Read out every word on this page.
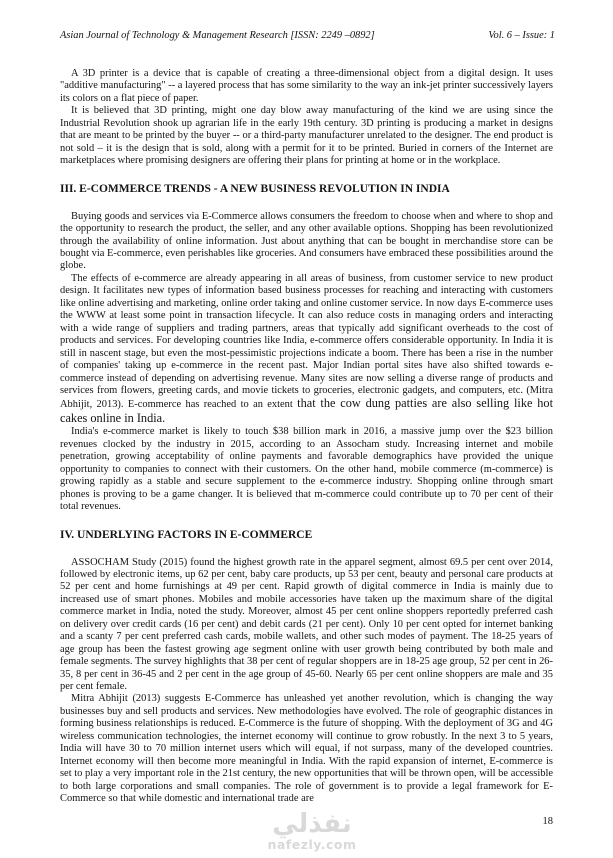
Asian Journal of Technology & Management Research [ISSN: 2249 –0892]	Vol. 6 – Issue: 1

A 3D printer is a device that is capable of creating a three-dimensional object from a digital design. It uses "additive manufacturing" -- a layered process that has some similarity to the way an ink-jet printer successively layers its colors on a flat piece of paper.

It is believed that 3D printing, might one day blow away manufacturing of the kind we are using since the Industrial Revolution shook up agrarian life in the early 19th century. 3D printing is producing a market in designs that are meant to be printed by the buyer -- or a third-party manufacturer unrelated to the designer. The end product is not sold – it is the design that is sold, along with a permit for it to be printed. Buried in corners of the Internet are marketplaces where promising designers are offering their plans for printing at home or in the workplace.

III. E-COMMERCE TRENDS - A NEW BUSINESS REVOLUTION IN INDIA

Buying goods and services via E-Commerce allows consumers the freedom to choose when and where to shop and the opportunity to research the product, the seller, and any other available options. Shopping has been revolutionized through the availability of online information. Just about anything that can be bought in merchandise store can be bought via E-commerce, even perishables like groceries. And consumers have embraced these possibilities around the globe.

The effects of e-commerce are already appearing in all areas of business, from customer service to new product design. It facilitates new types of information based business processes for reaching and interacting with customers like online advertising and marketing, online order taking and online customer service. In now days E-commerce uses the WWW at least some point in transaction lifecycle. It can also reduce costs in managing orders and interacting with a wide range of suppliers and trading partners, areas that typically add significant overheads to the cost of products and services. For developing countries like India, e-commerce offers considerable opportunity. In India it is still in nascent stage, but even the most-pessimistic projections indicate a boom. There has been a rise in the number of companies' taking up e-commerce in the recent past. Major Indian portal sites have also shifted towards e-commerce instead of depending on advertising revenue. Many sites are now selling a diverse range of products and services from flowers, greeting cards, and movie tickets to groceries, electronic gadgets, and computers, etc. (Mitra Abhijit, 2013). E-commerce has reached to an extent that the cow dung patties are also selling like hot cakes online in India.

India's e-commerce market is likely to touch $38 billion mark in 2016, a massive jump over the $23 billion revenues clocked by the industry in 2015, according to an Assocham study. Increasing internet and mobile penetration, growing acceptability of online payments and favorable demographics have provided the unique opportunity to companies to connect with their customers. On the other hand, mobile commerce (m-commerce) is growing rapidly as a stable and secure supplement to the e-commerce industry. Shopping online through smart phones is proving to be a game changer. It is believed that m-commerce could contribute up to 70 per cent of their total revenues.

IV. UNDERLYING FACTORS IN E-COMMERCE

ASSOCHAM Study (2015) found the highest growth rate in the apparel segment, almost 69.5 per cent over 2014, followed by electronic items, up 62 per cent, baby care products, up 53 per cent, beauty and personal care products at 52 per cent and home furnishings at 49 per cent. Rapid growth of digital commerce in India is mainly due to increased use of smart phones. Mobiles and mobile accessories have taken up the maximum share of the digital commerce market in India, noted the study. Moreover, almost 45 per cent online shoppers reportedly preferred cash on delivery over credit cards (16 per cent) and debit cards (21 per cent). Only 10 per cent opted for internet banking and a scanty 7 per cent preferred cash cards, mobile wallets, and other such modes of payment. The 18-25 years of age group has been the fastest growing age segment online with user growth being contributed by both male and female segments. The survey highlights that 38 per cent of regular shoppers are in 18-25 age group, 52 per cent in 26-35, 8 per cent in 36-45 and 2 per cent in the age group of 45-60. Nearly 65 per cent online shoppers are male and 35 per cent female.

Mitra Abhijit (2013) suggests E-Commerce has unleashed yet another revolution, which is changing the way businesses buy and sell products and services. New methodologies have evolved. The role of geographic distances in forming business relationships is reduced. E-Commerce is the future of shopping. With the deployment of 3G and 4G wireless communication technologies, the internet economy will continue to grow robustly. In the next 3 to 5 years, India will have 30 to 70 million internet users which will equal, if not surpass, many of the developed countries. Internet economy will then become more meaningful in India. With the rapid expansion of internet, E-commerce is set to play a very important role in the 21st century, the new opportunities that will be thrown open, will be accessible to both large corporations and small companies. The role of government is to provide a legal framework for E-Commerce so that while domestic and international trade are

نفذلي
nafezly.com
18
